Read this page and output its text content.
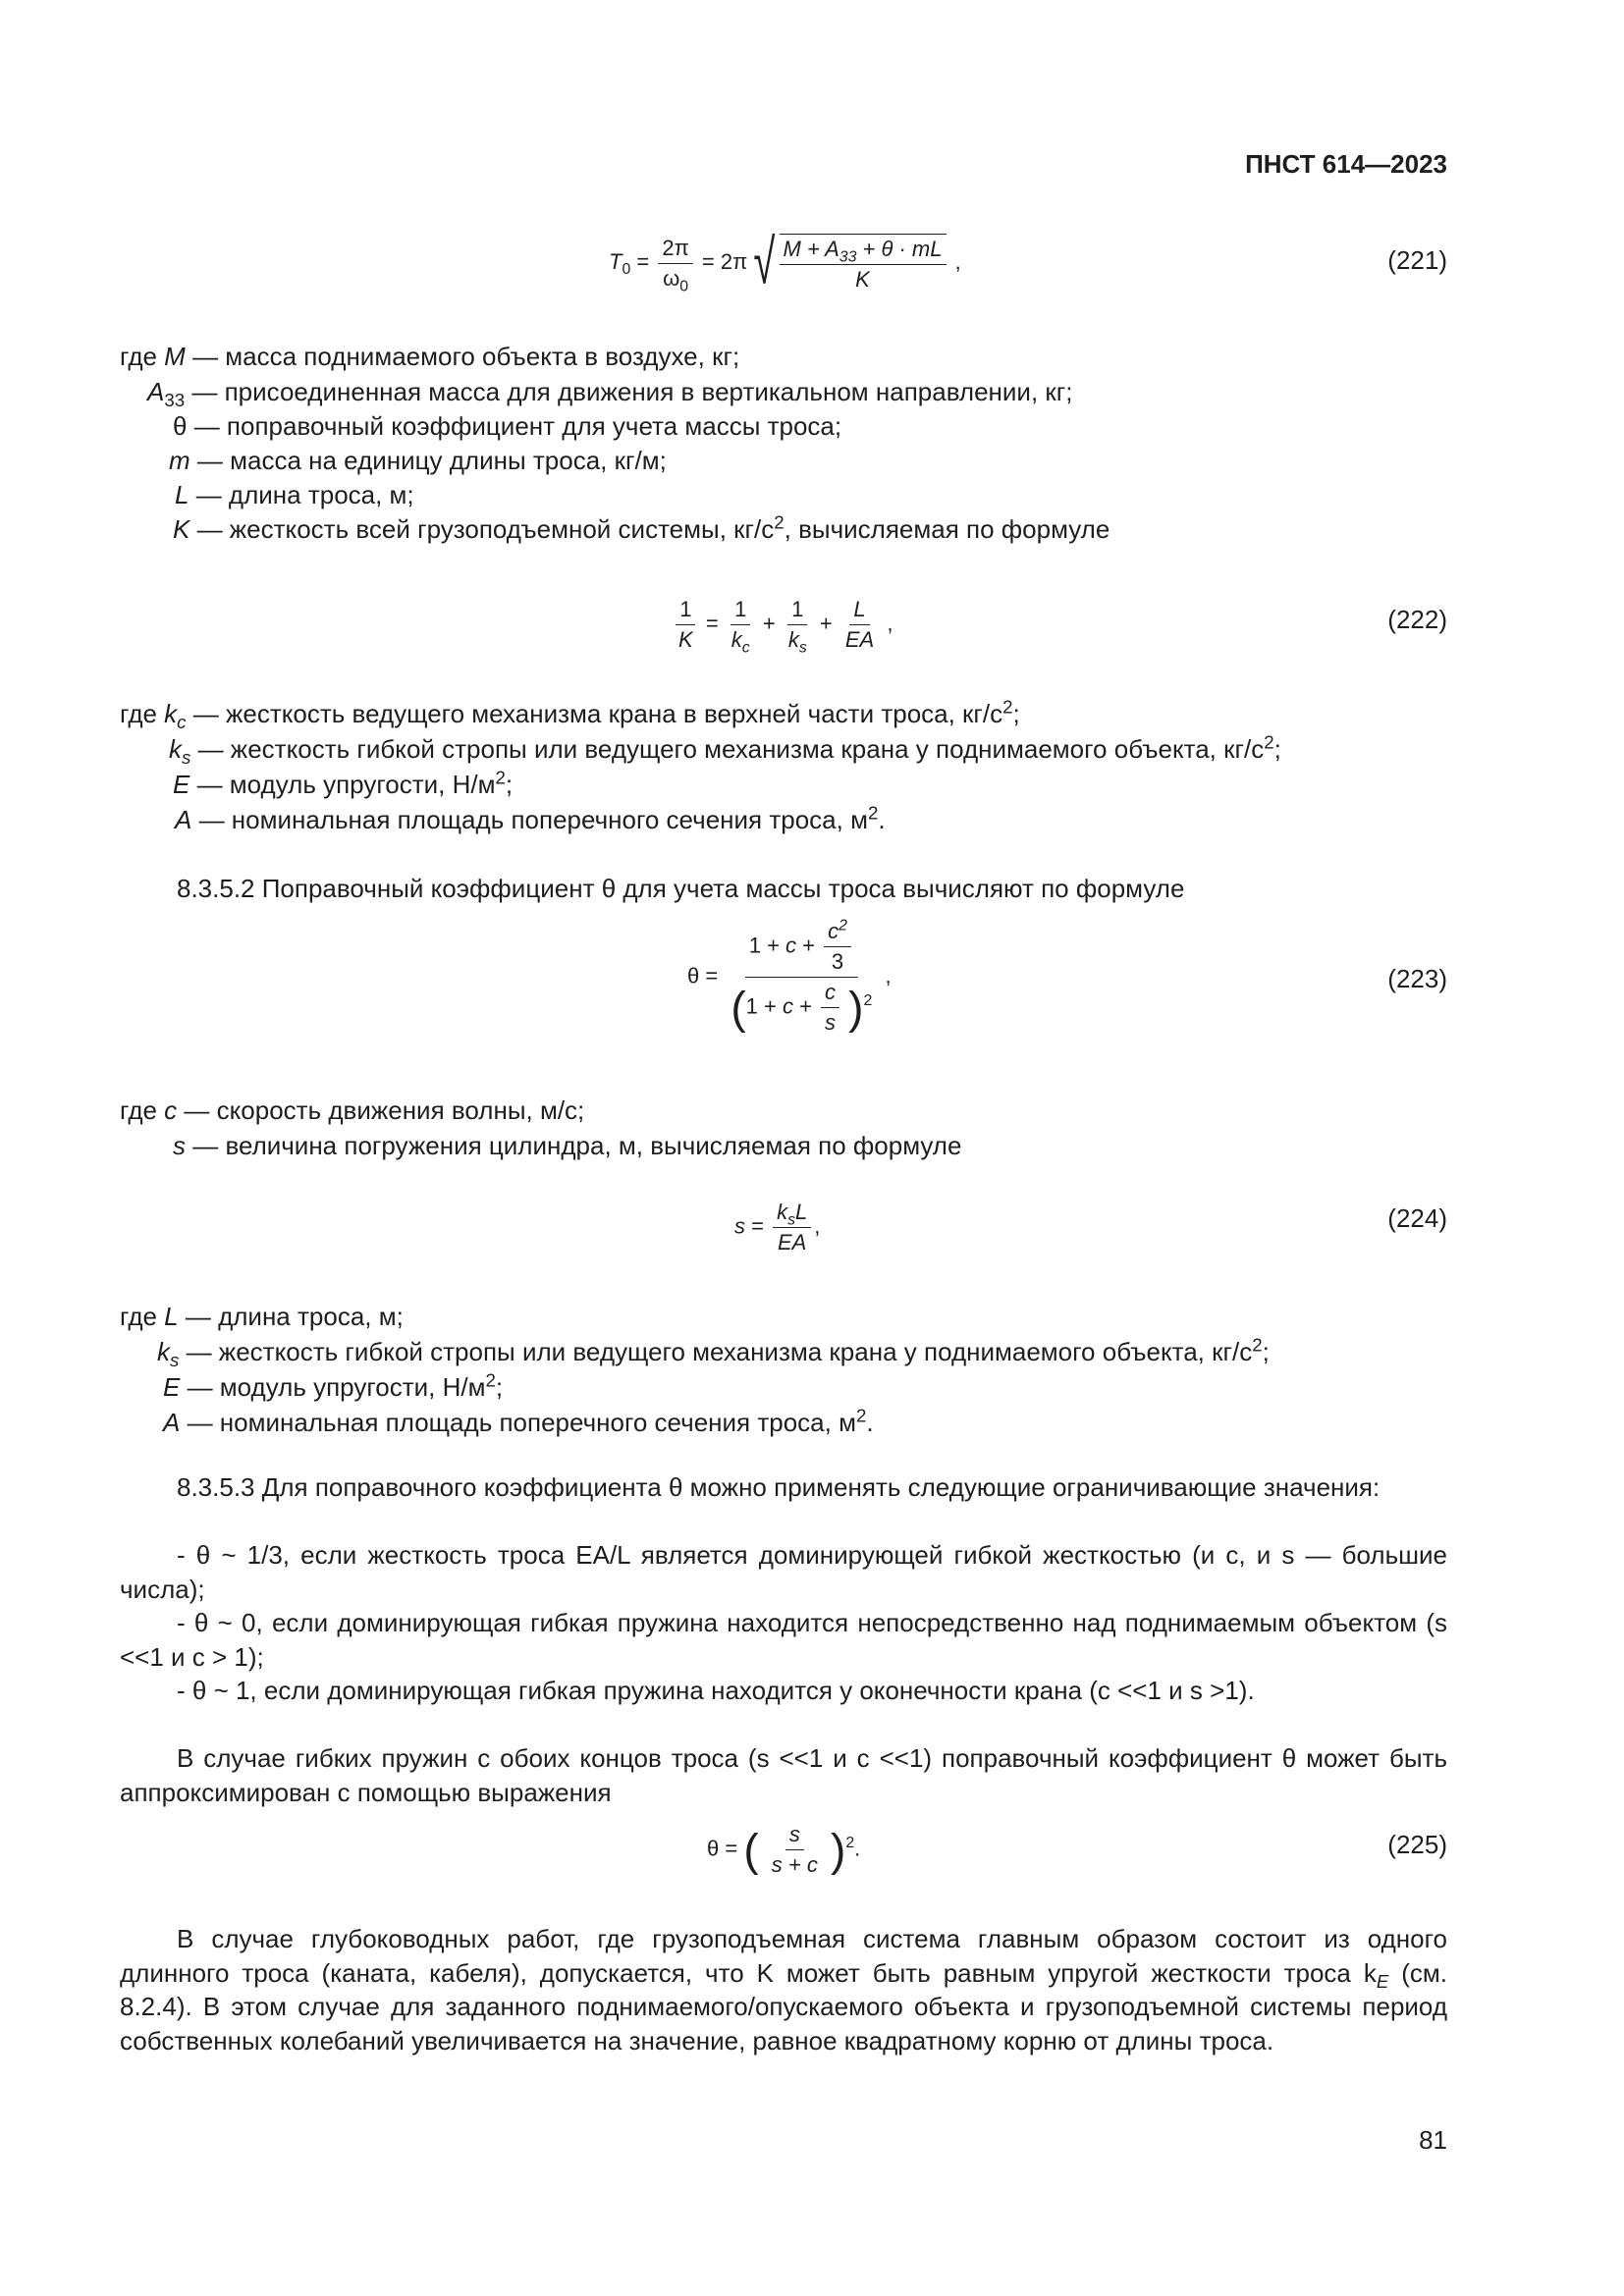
ПНСТ 614—2023
$T_0 = \frac{2\pi}{\omega_0} = 2\pi$ √ $\frac{M + A_{33} + \theta \cdot mL}{K}$ ,	(221)
где M — масса поднимаемого объекта в воздухе, кг;
$A_{33}$ — присоединенная масса для движения в вертикальном направлении, кг;
θ — поправочный коэффициент для учета массы троса;
m — масса на единицу длины троса, кг/м;
L — длина троса, м;
K — жесткость всей грузоподъемной системы, $кг/с^2$, вычисляемая по формуле
$\frac{1}{K} = \frac{1}{k_c} + \frac{1}{k_s} + \frac{L}{EA}$ ,	(222)
где $k_c$ — жесткость ведущего механизма крана в верхней части троса, $кг/с^2$;
$k_s$ — жесткость гибкой стропы или ведущего механизма крана у поднимаемого объекта, $кг/с^2$;
E — модуль упругости, $Н/м^2$;
A — номинальная площадь поперечного сечения троса, $м^2$.
8.3.5.2 Поправочный коэффициент θ для учета массы троса вычисляют по формуле
$\theta = \frac{1 + c + \frac{c^2}{3}}{(1 + c + \frac{c}{s} )^2}$ ,	(223)
где c — скорость движения волны, м/с;
s — величина погружения цилиндра, м, вычисляемая по формуле
$s = \frac{k_sL}{EA}$ ,	(224)
где L — длина троса, м;
$k_s$ — жесткость гибкой стропы или ведущего механизма крана у поднимаемого объекта, $кг/с^2$;
E — модуль упругости, $Н/м^2$;
A — номинальная площадь поперечного сечения троса, $м^2$.
8.3.5.3 Для поправочного коэффициента θ можно применять следующие ограничивающие значения:
- θ ~ 1/3, если жесткость троса EA/L является доминирующей гибкой жесткостью (и c, и s — большие числа);
- θ ~ 0, если доминирующая гибкая пружина находится непосредственно над поднимаемым объектом (s <<1 и c > 1);
- θ ~ 1, если доминирующая гибкая пружина находится у оконечности крана (c <<1 и s >1).
В случае гибких пружин с обоих концов троса (s <<1 и c <<1) поправочный коэффициент θ может быть аппроксимирован с помощью выражения
θ = ( $\frac{s}{s + c} )^2$.	(225)
В случае глубоководных работ, где грузоподъемная система главным образом состоит из одного длинного троса (каната, кабеля), допускается, что K может быть равным упругой жесткости троса $k_E$ (см. 8.2.4). В этом случае для заданного поднимаемого/опускаемого объекта и грузоподъемной системы период собственных колебаний увеличивается на значение, равное квадратному корню от длины троса.
81
